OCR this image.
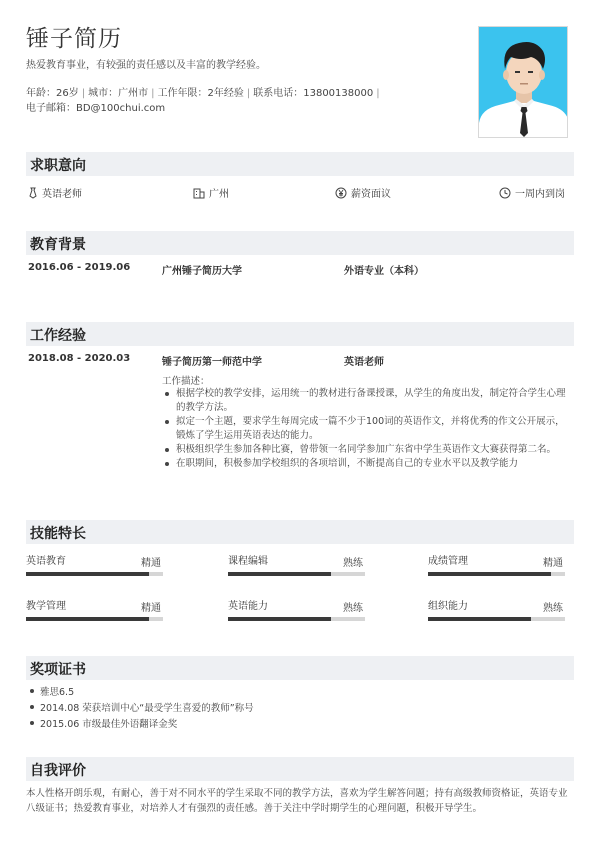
锤子简历
热爱教育事业，有较强的责任感以及丰富的教学经验。
年龄：26岁 | 城市：广州市 | 工作年限：2年经验 | 联系电话：13800138000 |
电子邮箱：BD@100chui.com
求职意向
英语老师	广州	薪资面议	一周内到岗
教育背景
2016.06 - 2019.06	广州锤子简历大学	外语专业（本科）
工作经验
2018.08 - 2020.03	锤子简历第一师范中学	英语老师
工作描述：
根据学校的教学安排，运用统一的教材进行备课授课，从学生的角度出发，制定符合学生心理的教学方法。
拟定一个主题，要求学生每周完成一篇不少于100词的英语作文，并将优秀的作文公开展示，锻炼了学生运用英语表达的能力。
积极组织学生参加各种比赛，曾带领一名同学参加广东省中学生英语作文大赛获得第二名。
在职期间，积极参加学校组织的各项培训，不断提高自己的专业水平以及教学能力
技能特长
英语教育	精通	课程编辑	熟练	成绩管理	精通
教学管理	精通	英语能力	熟练	组织能力	熟练
奖项证书
雅思6.5
2014.08 荣获培训中心“最受学生喜爱的教师”称号
2015.06 市级最佳外语翻译金奖
自我评价
本人性格开朗乐观，有耐心，善于对不同水平的学生采取不同的教学方法，喜欢为学生解答问题；持有高级教师资格证，英语专业八级证书；热爱教育事业，对培养人才有强烈的责任感。善于关注中学时期学生的心理问题，积极开导学生。
